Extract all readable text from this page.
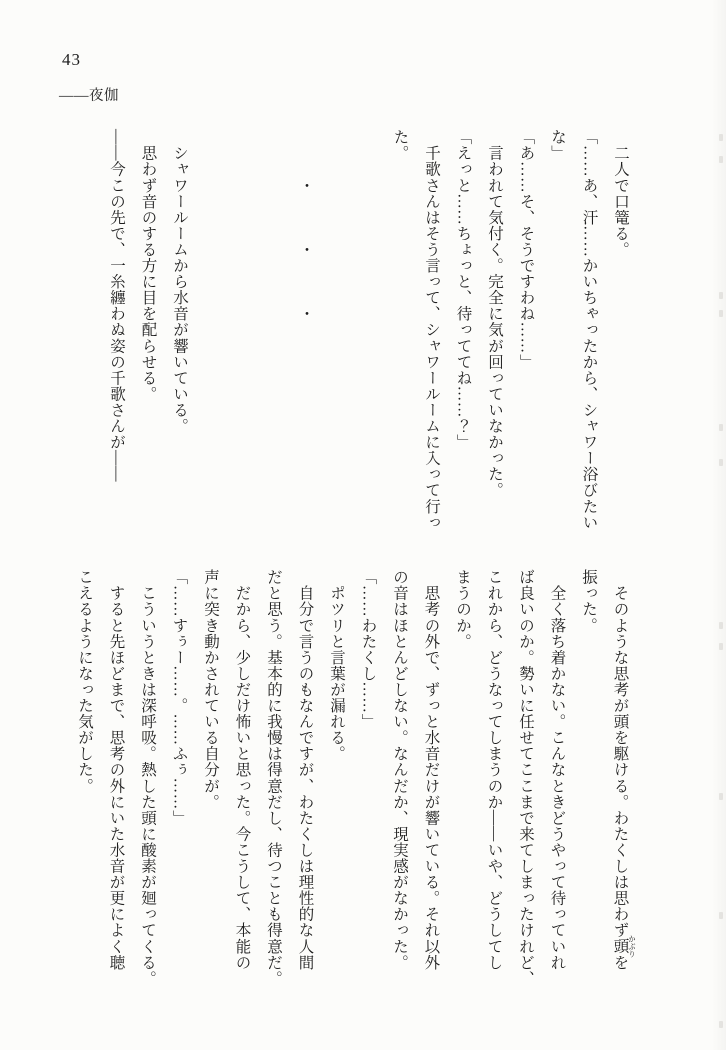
43
――夜伽
　二人で口篭る。
「……あ、汗……かいちゃったから、シャワー浴びたい
な」
「あ……そ、そうですわね……」
　言われて気付く。完全に気が回っていなかった。
「えっと……ちょっと、待っててね……？」
　千歌さんはそう言って、シャワールームに入って行っ
た。

　　　・　　　・　　　・

　シャワールームから水音が響いている。
　思わず音のする方に目を配らせる。
――今この先で、一糸纏わぬ姿の千歌さんが――
　そのような思考が頭を駆ける。わたくしは思わず頭 かぶりを
振った。
　全く落ち着かない。こんなときどうやって待っていれ
ば良いのか。勢いに任せてここまで来てしまったけれど、
これから、どうなってしまうのか――いや、どうしてし
まうのか。
　思考の外で、ずっと水音だけが響いている。それ以外
の音はほとんどしない。なんだか、現実感がなかった。
「……わたくし……」
　ポツリと言葉が漏れる。
　自分で言うのもなんですが、わたくしは理性的な人間
だと思う。基本的に我慢は得意だし、待つことも得意だ。
　だから、少しだけ怖いと思った。今こうして、本能の
声に突き動かされている自分が。
「……すぅー……。……ふぅ……」
　こういうときは深呼吸。熱した頭に酸素が廻ってくる。
　すると先ほどまで、思考の外にいた水音が更によく聴
こえるようになった気がした。
